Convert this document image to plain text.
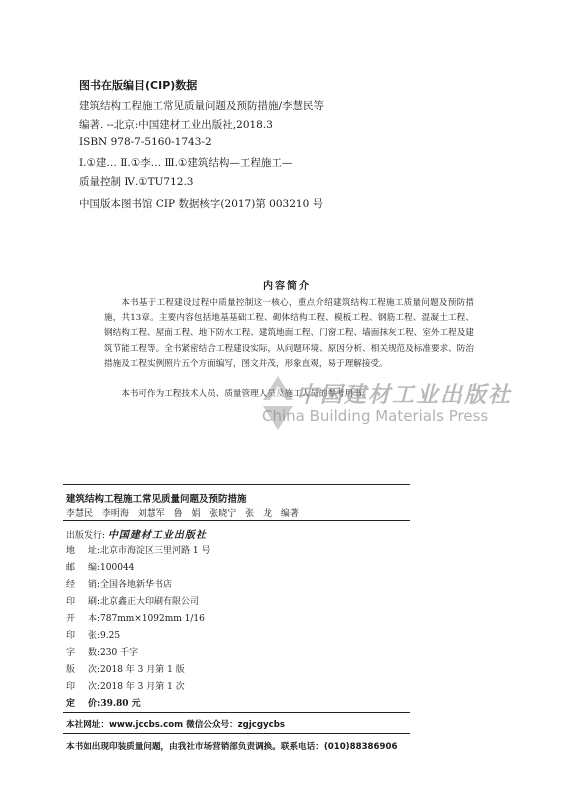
图书在版编目(CIP)数据
建筑结构工程施工常见质量问题及预防措施/李慧民等
编著. --北京:中国建材工业出版社,2018.3
ISBN 978-7-5160-1743-2
Ⅰ.①建… Ⅱ.①李… Ⅲ.①建筑结构—工程施工—
质量控制 Ⅳ.①TU712.3
中国版本图书馆 CIP 数据核字(2017)第 003210 号
内容简介
本书基于工程建设过程中质量控制这一核心，重点介绍建筑结构工程施工质量问题及预防措施，共13章。主要内容包括地基基础工程、砌体结构工程、模板工程、钢筋工程、混凝土工程、钢结构工程、屋面工程、地下防水工程、建筑地面工程、门窗工程、墙面抹灰工程、室外工程及建筑节能工程等。全书紧密结合工程建设实际，从问题环境、原因分析、相关规范及标准要求、防治措施及工程实例照片五个方面编写，图文并茂，形象直观，易于理解接受。
本书可作为工程技术人员、质量管理人员及施工人员的参考用书。
中国建材工业出版社
China Building Materials Press
建筑结构工程施工常见质量问题及预防措施
李慧民 李明海 刘慧军 鲁 娟 张晓宁 张 龙 编著
出版发行: 中国建材工业出版社
地 址:北京市海淀区三里河路 1 号
邮 编:100044
经 销:全国各地新华书店
印 刷:北京鑫正大印刷有限公司
开 本:787mm×1092mm 1/16
印 张:9.25
字 数:230 千字
版 次:2018 年 3 月第 1 版
印 次:2018 年 3 月第 1 次
定 价:39.80 元
本社网址：www.jccbs.com 微信公众号：zgjcgycbs
本书如出现印装质量问题，由我社市场营销部负责调换。联系电话：(010)88386906
